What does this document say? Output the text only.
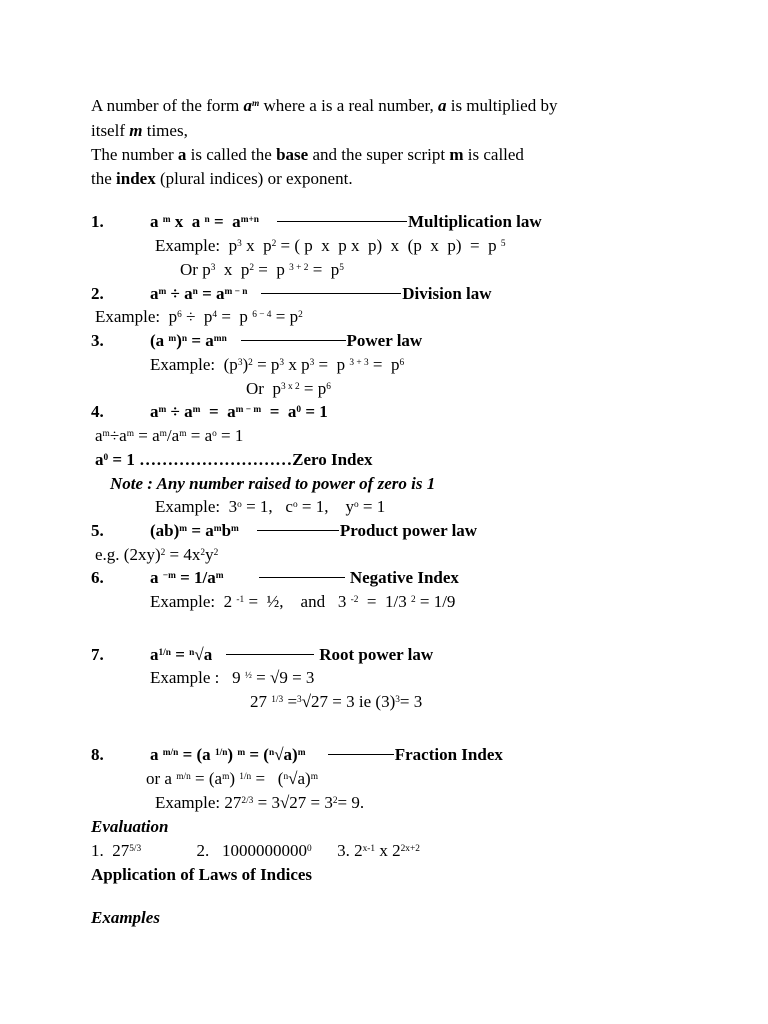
A number of the form $a^m$ where a is a real number, a is multiplied by
itself m times,
The number a is called the base and the super script m is called
the index (plural indices) or exponent.
1.	a $^m$ x  a $^n = a^{m+n}$	Multiplication law
Example:  $p^3$ x  $p^2$ = ( p  x  p x  p)  x  (p  x  p)  =  p $^5$
Or $p^3$  x  $p^2 = p$ $^{3 + 2} = p^5$
2.	$a^m \div a^n = a^{m - n}$	Division law
Example:  $p^6 \div p^4 = p$ $^{6 - 4} = p^2$
3.	(a $^m)^n = a^{mn}$	Power law
Example:  $(p^3)^2 = p^3$ x $p^3 = p$ $^{3 + 3} = p^6$
Or  $p^{3 x 2} = p^6$
4.	$a^m \div a^m = a^{m - m} = a^0 = 1$
$a^m\div a^m = a^m/a^m = a^o = 1$
$a^0 = 1$ ………………………Zero Index
Note : Any number raised to power of zero is 1
Example:  $3^o = 1$,   $c^o = 1$,    $y^o = 1$
5.	$(ab)^m = a^mb^m$	Product power law
e.g. $(2xy)^2 = 4x^2y^2$
6.	a $^{-m} = 1/a^m$	Negative Index
Example:  2 $^{-1}$ =  ½,    and   3 $^{-2}$  =  1/3 $^2$ = 1/9
7.	$a^{1/n} = ^n√a$	Root power law
Example :   9 $^{\frac{1}{2}}$ = √9 = 3
27 $^{1/3}$ =$^3$√27 = 3 ie $(3)^3= 3$
8.	a $^{m/n}$ = (a $^{1/n}$) $^m = (^n√a)^m$	Fraction Index
or a $^{m/n} = (a^m) ^{1/n} = (^n√a)^m$
Example: $27^{2/3} = 3√27 = 3^2= 9$.
Evaluation
1.  $27^{5/3}$             2.   1000000000$^0$      3. 2$^{x-1}$ x $2^{2x+2}$
Application of Laws of Indices
Examples
